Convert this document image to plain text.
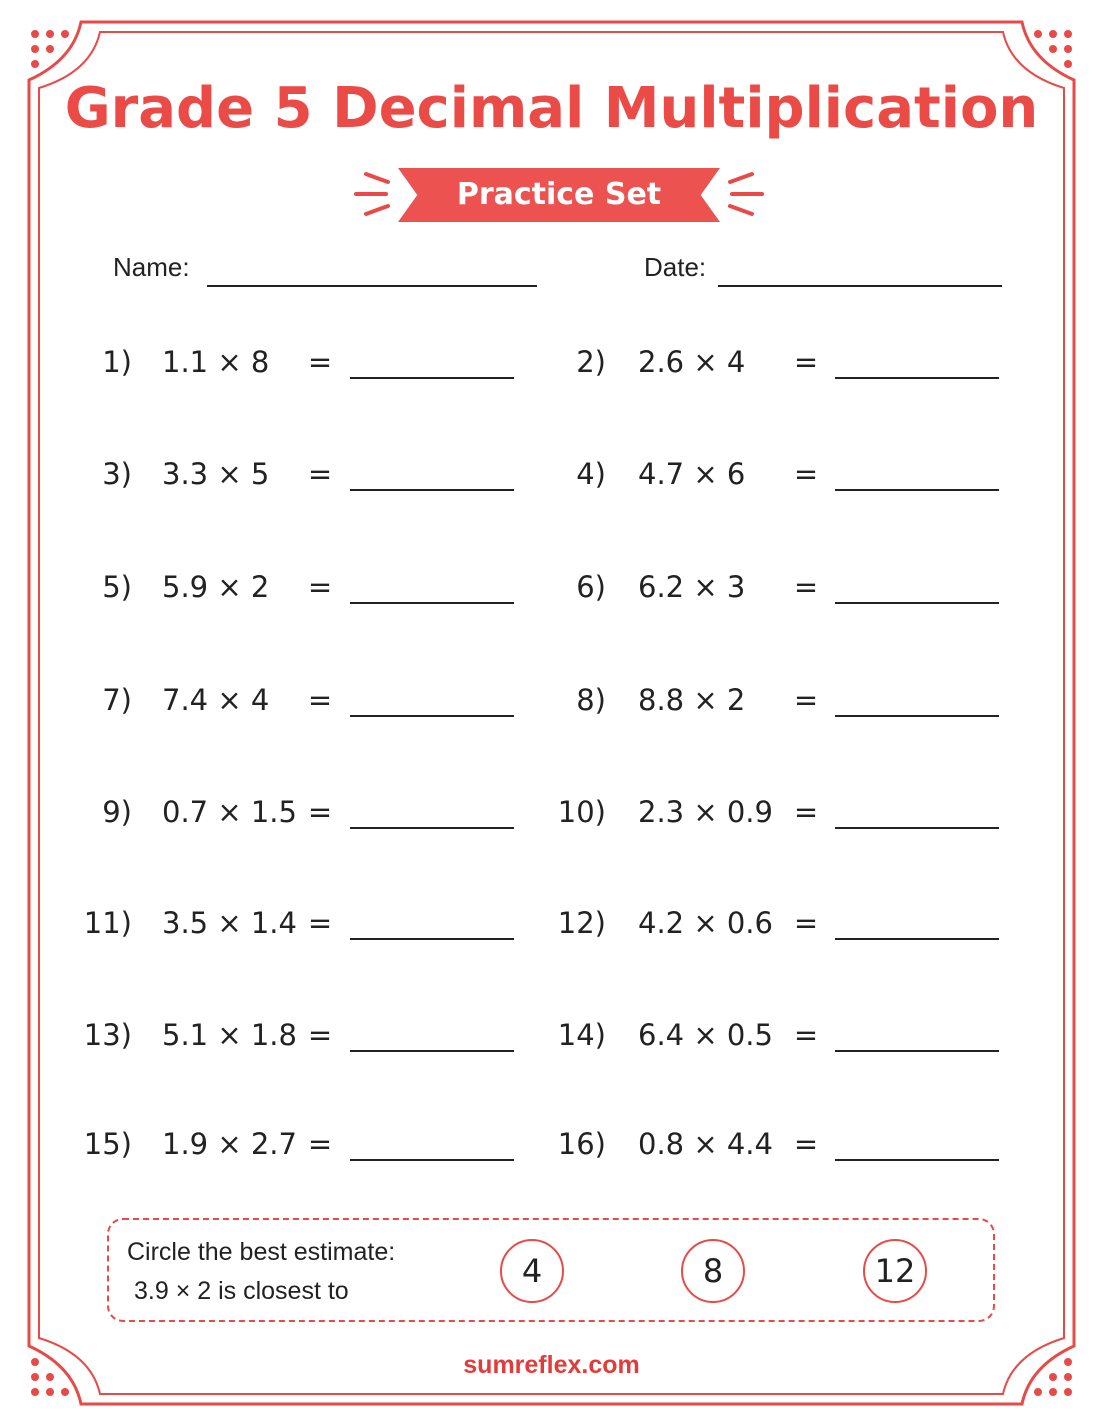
Grade 5 Decimal Multiplication
Practice Set
Name:	Date:
1) 1.1 × 8	=	2) 2.6 × 4	=
3) 3.3 × 5	=	4) 4.7 × 6	=
5) 5.9 × 2	=	6) 6.2 × 3	=
7) 7.4 × 4	=	8) 8.8 × 2	=
9) 0.7 × 1.5 =	10) 2.3 × 0.9 =
11) 3.5 × 1.4 =	12) 4.2 × 0.6 =
13) 5.1 × 1.8 =	14) 6.4 × 0.5 =
15) 1.9 × 2.7 =	16) 0.8 × 4.4 =
Circle the best estimate:
3.9 × 2 is closest to
4	8	12
sumreflex.com
